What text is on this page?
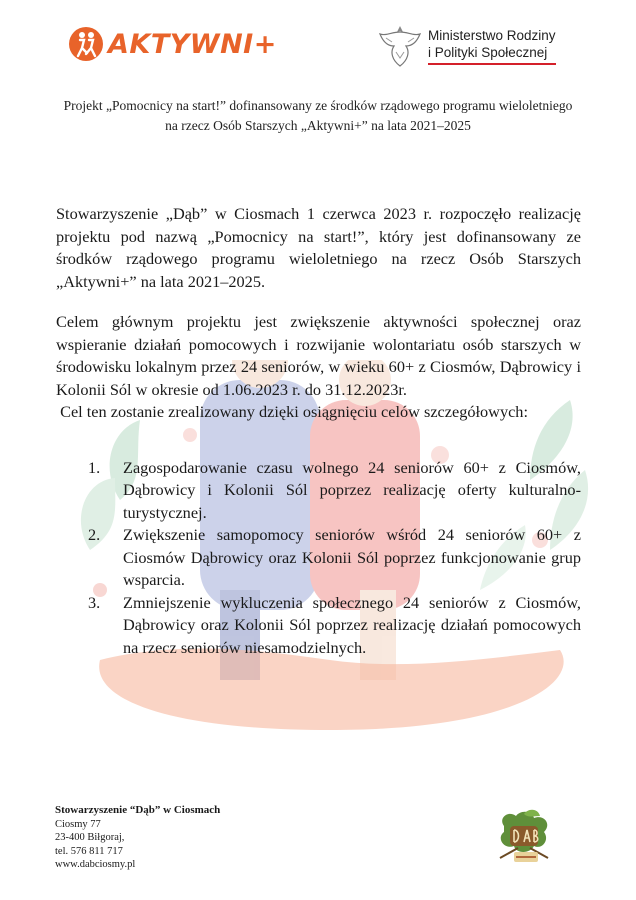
AKTYWNI+	Ministerstwo Rodziny
i Polityki Społecznej
Projekt „Pomocnicy na start!” dofinansowany ze środków rządowego programu wieloletniego
na rzecz Osób Starszych „Aktywni+” na lata 2021–2025

Stowarzyszenie „Dąb” w Ciosmach 1 czerwca 2023 r. rozpoczęło realizację projektu pod nazwą „Pomocnicy na start!”, który jest dofinansowany ze środków rządowego programu wieloletniego na rzecz Osób Starszych „Aktywni+” na lata 2021–2025.

Celem głównym projektu jest zwiększenie aktywności społecznej oraz wspieranie działań pomocowych i rozwijanie wolontariatu osób starszych w środowisku lokalnym przez 24 seniorów, w wieku 60+ z Ciosmów, Dąbrowicy i Kolonii Sól w okresie od 1.06.2023 r. do 31.12.2023r.

Cel ten zostanie zrealizowany dzięki osiągnięciu celów szczegółowych:

1.	Zagospodarowanie czasu wolnego 24 seniorów 60+ z Ciosmów, Dąbrowicy i Kolonii Sól poprzez realizację oferty kulturalno-turystycznej.
2.	Zwiększenie samopomocy seniorów wśród 24 seniorów 60+ z Ciosmów Dąbrowicy oraz Kolonii Sól poprzez funkcjonowanie grup wsparcia.
3.	Zmniejszenie wykluczenia społecznego 24 seniorów z Ciosmów, Dąbrowicy oraz Kolonii Sól poprzez realizację działań pomocowych na rzecz seniorów niesamodzielnych.
Stowarzyszenie “Dąb” w Ciosmach
Ciosmy 77
23-400 Biłgoraj,
tel. 576 811 717
www.dabciosmy.pl
